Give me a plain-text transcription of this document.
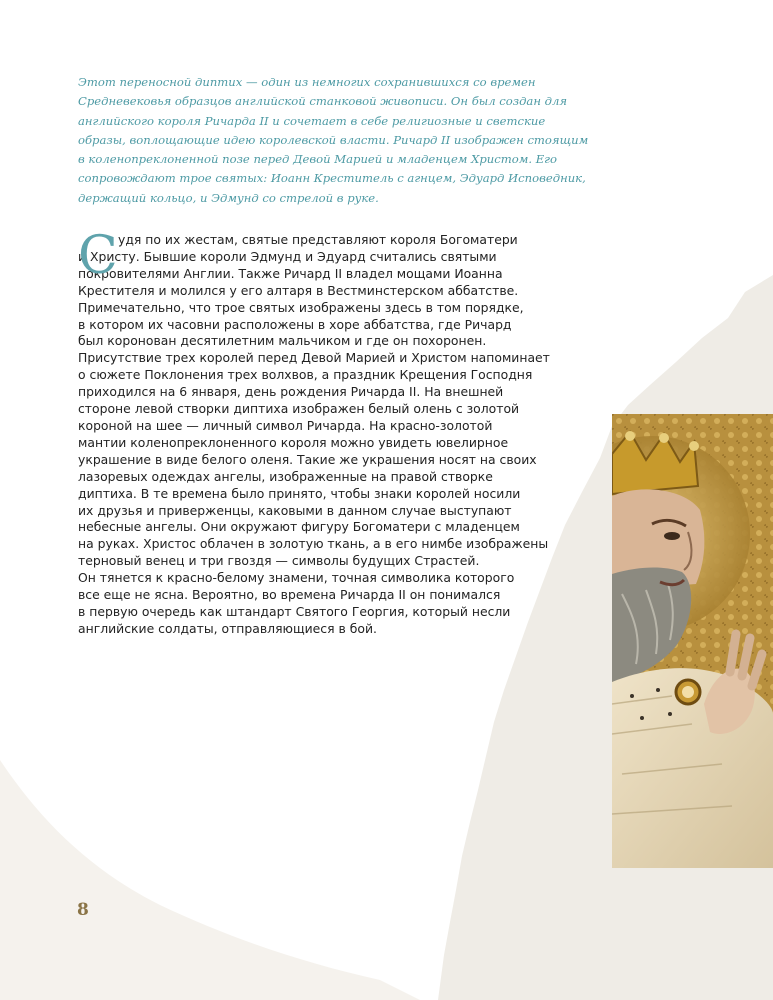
Этот переносной диптих — один из немногих сохранившихся со времен
Средневековья образцов английской станковой живописи. Он был создан для
английского короля Ричарда II и сочетает в себе религиозные и светские
образы, воплощающие идею королевской власти. Ричард II изображен стоящим
в коленопреклоненной позе перед Девой Марией и младенцем Христом. Его
сопровождают трое святых: Иоанн Креститель с агнцем, Эдуард Исповедник,
держащий кольцо, и Эдмунд со стрелой в руке.
С удя по их жестам, святые представляют короля Богоматери
и Христу. Бывшие короли Эдмунд и Эдуард считались святыми
покровителями Англии. Также Ричард II владел мощами Иоанна
Крестителя и молился у его алтаря в Вестминстерском аббатстве.
Примечательно, что трое святых изображены здесь в том порядке,
в котором их часовни расположены в хоре аббатства, где Ричард
был коронован десятилетним мальчиком и где он похоронен.
Присутствие трех королей перед Девой Марией и Христом напоминает
о сюжете Поклонения трех волхвов, а праздник Крещения Господня
приходился на 6 января, день рождения Ричарда II. На внешней
стороне левой створки диптиха изображен белый олень с золотой
короной на шее — личный символ Ричарда. На красно-золотой
мантии коленопреклоненного короля можно увидеть ювелирное
украшение в виде белого оленя. Такие же украшения носят на своих
лазоревых одеждах ангелы, изображенные на правой створке
диптиха. В те времена было принято, чтобы знаки королей носили
их друзья и приверженцы, каковыми в данном случае выступают
небесные ангелы. Они окружают фигуру Богоматери с младенцем
на руках. Христос облачен в золотую ткань, а в его нимбе изображены
терновый венец и три гвоздя — символы будущих Страстей.
Он тянется к красно-белому знамени, точная символика которого
все еще не ясна. Вероятно, во времена Ричарда II он понимался
в первую очередь как штандарт Святого Георгия, который несли
английские солдаты, отправляющиеся в бой.
8
